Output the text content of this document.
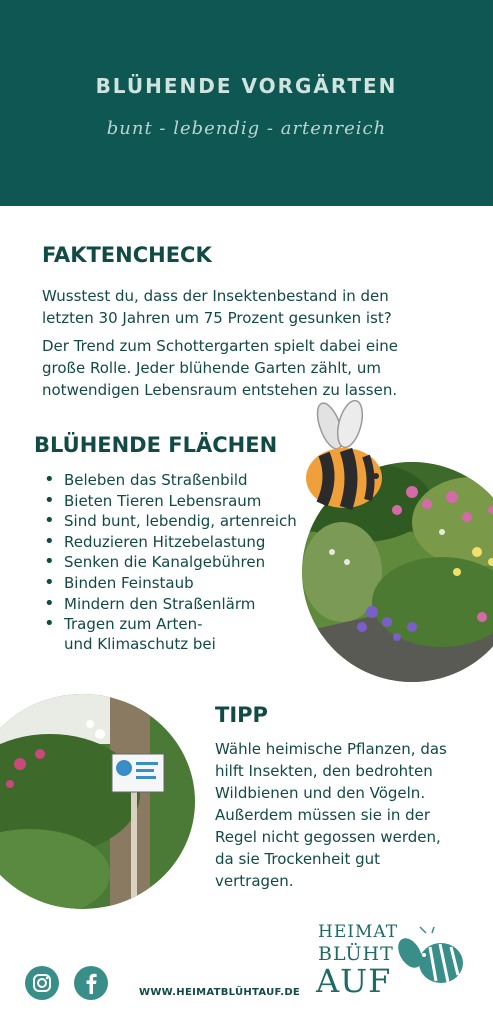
BLÜHENDE VORGÄRTEN
bunt - lebendig - artenreich
FAKTENCHECK
Wusstest du, dass der Insektenbestand in den
letzten 30 Jahren um 75 Prozent gesunken ist?
Der Trend zum Schottergarten spielt dabei eine
große Rolle. Jeder blühende Garten zählt, um
notwendigen Lebensraum entstehen zu lassen.
BLÜHENDE FLÄCHEN
• Beleben das Straßenbild
• Bieten Tieren Lebensraum
• Sind bunt, lebendig, artenreich
• Reduzieren Hitzebelastung
• Senken die Kanalgebühren
• Binden Feinstaub
• Mindern den Straßenlärm
• Tragen zum Arten-
und Klimaschutz bei
TIPP
Wähle heimische Pflanzen, das
hilft Insekten, den bedrohten
Wildbienen und den Vögeln.
Außerdem müssen sie in der
Regel nicht gegossen werden,
da sie Trockenheit gut
vertragen.
WWW.HEIMATBLÜHTAUF.DE
HEIMAT
BLÜHT
AUF
